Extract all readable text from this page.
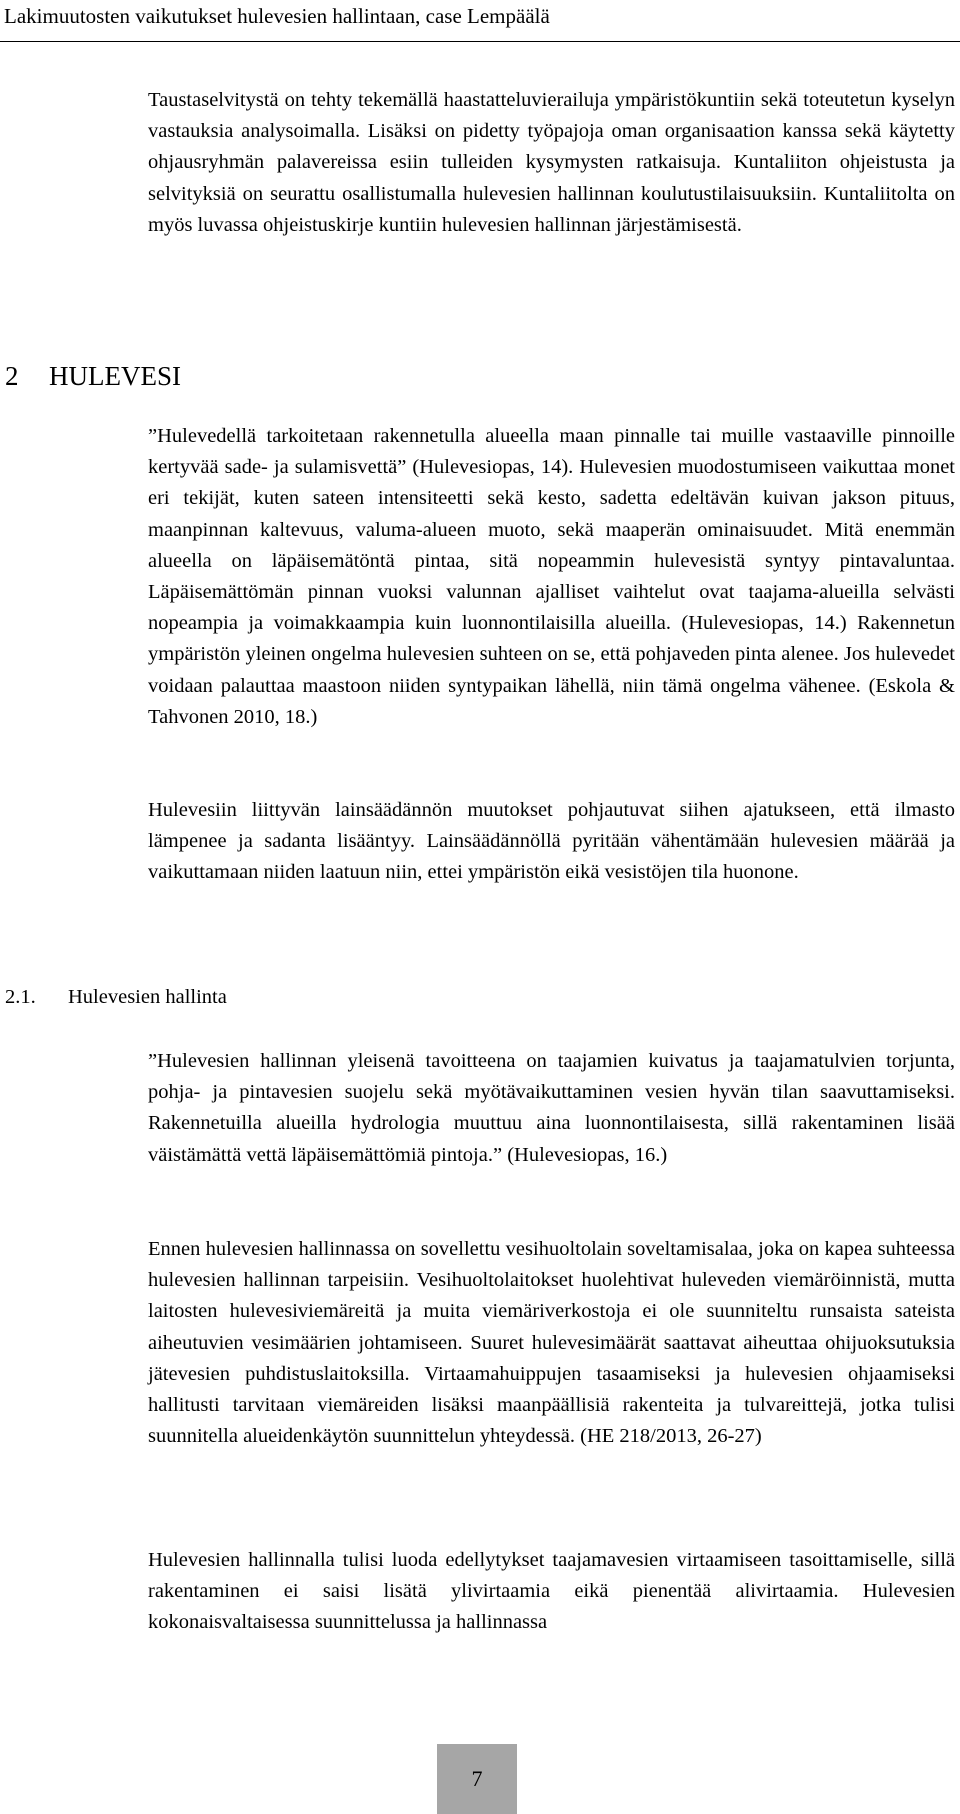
Lakimuutosten vaikutukset hulevesien hallintaan, case Lempäälä

Taustaselvitystä on tehty tekemällä haastatteluvierailuja ympäristökuntiin sekä toteutetun kyselyn vastauksia analysoimalla. Lisäksi on pidetty työpajoja oman organisaation kanssa sekä käytetty ohjausryhmän palavereissa esiin tulleiden kysymysten ratkaisuja. Kuntaliiton ohjeistusta ja selvityksiä on seurattu osallistumalla hulevesien hallinnan koulutustilaisuuksiin. Kuntaliitolta on myös luvassa ohjeistuskirje kuntiin hulevesien hallinnan järjestämisestä.

2 HULEVESI

”Hulevedellä tarkoitetaan rakennetulla alueella maan pinnalle tai muille vastaaville pinnoille kertyvää sade- ja sulamisvettä” (Hulevesiopas, 14). Hulevesien muodostumiseen vaikuttaa monet eri tekijät, kuten sateen intensiteetti sekä kesto, sadetta edeltävän kuivan jakson pituus, maanpinnan kaltevuus, valuma-alueen muoto, sekä maaperän ominaisuudet. Mitä enemmän alueella on läpäisemätöntä pintaa, sitä nopeammin hulevesistä syntyy pintavaluntaa. Läpäisemättömän pinnan vuoksi valunnan ajalliset vaihtelut ovat taajama-alueilla selvästi nopeampia ja voimakkaampia kuin luonnontilaisilla alueilla. (Hulevesiopas, 14.) Rakennetun ympäristön yleinen ongelma hulevesien suhteen on se, että pohjaveden pinta alenee. Jos hulevedet voidaan palauttaa maastoon niiden syntypaikan lähellä, niin tämä ongelma vähenee. (Eskola & Tahvonen 2010, 18.)

Hulevesiin liittyvän lainsäädännön muutokset pohjautuvat siihen ajatukseen, että ilmasto lämpenee ja sadanta lisääntyy. Lainsäädännöllä pyritään vähentämään hulevesien määrää ja vaikuttamaan niiden laatuun niin, ettei ympäristön eikä vesistöjen tila huonone.

2.1. Hulevesien hallinta

”Hulevesien hallinnan yleisenä tavoitteena on taajamien kuivatus ja taajamatulvien torjunta, pohja- ja pintavesien suojelu sekä myötävaikuttaminen vesien hyvän tilan saavuttamiseksi. Rakennetuilla alueilla hydrologia muuttuu aina luonnontilaisesta, sillä rakentaminen lisää väistämättä vettä läpäisemättömiä pintoja.” (Hulevesiopas, 16.)

Ennen hulevesien hallinnassa on sovellettu vesihuoltolain soveltamisalaa, joka on kapea suhteessa hulevesien hallinnan tarpeisiin. Vesihuoltolaitokset huolehtivat huleveden viemäröinnistä, mutta laitosten hulevesiviemäreitä ja muita viemäriverkostoja ei ole suunniteltu runsaista sateista aiheutuvien vesimäärien johtamiseen. Suuret hulevesimäärät saattavat aiheuttaa ohijuoksutuksia jätevesien puhdistuslaitoksilla. Virtaamahuippujen tasaamiseksi ja hulevesien ohjaamiseksi hallitusti tarvitaan viemäreiden lisäksi maanpäällisiä rakenteita ja tulvareittejä, jotka tulisi suunnitella alueidenkäytön suunnittelun yhteydessä. (HE 218/2013, 26-27)

Hulevesien hallinnalla tulisi luoda edellytykset taajamavesien virtaamiseen tasoittamiselle, sillä rakentaminen ei saisi lisätä ylivirtaamia eikä pienentää alivirtaamia. Hulevesien kokonaisvaltaisessa suunnittelussa ja hallinnassa

7
